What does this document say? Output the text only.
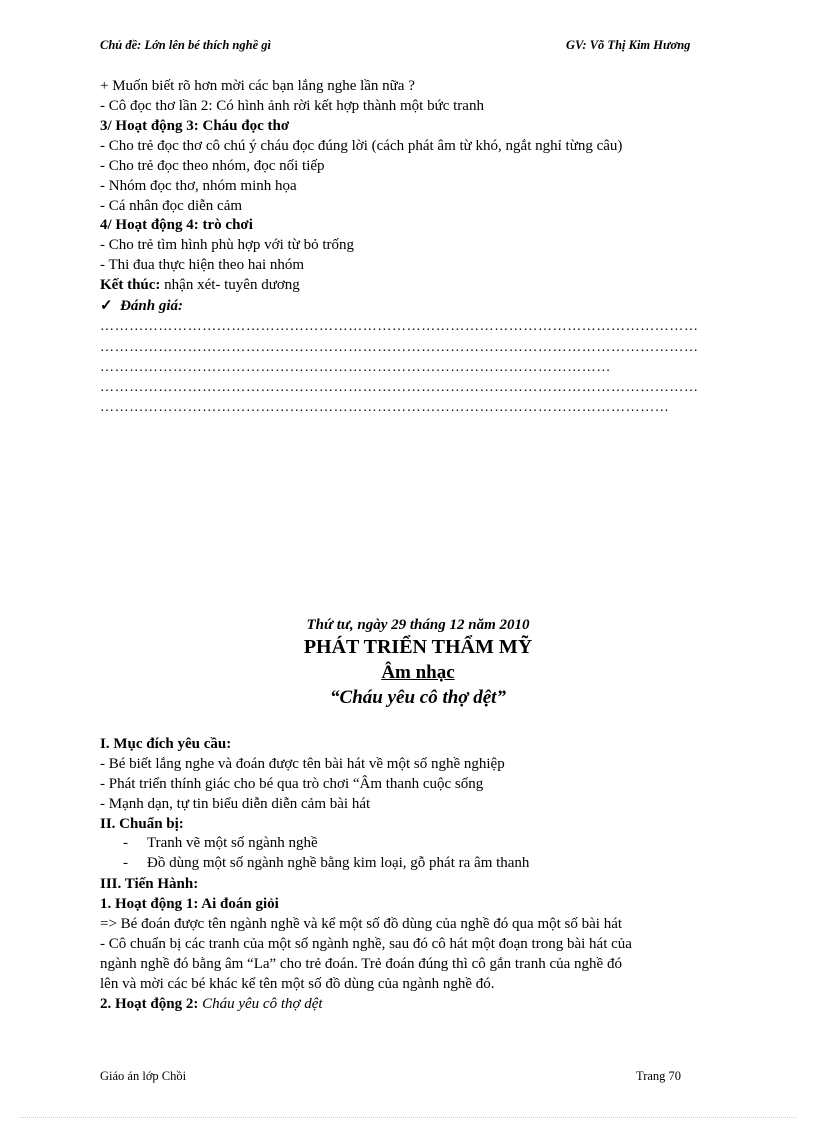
Chủ đề: Lớn lên bé thích nghề gì	GV: Võ Thị Kim Hương
+ Muốn biết rõ hơn mời các bạn lắng nghe lần nữa ?
- Cô đọc thơ lần 2: Có hình ảnh rời kết hợp thành một bức tranh
3/ Hoạt động 3: Cháu đọc thơ
- Cho trẻ đọc thơ cô chú ý cháu đọc đúng lời (cách phát âm từ khó, ngắt nghỉ từng câu)
- Cho trẻ đọc theo nhóm, đọc nối tiếp
- Nhóm đọc thơ, nhóm minh họa
- Cá nhân đọc diễn cảm
4/ Hoạt động 4: trò chơi
- Cho trẻ tìm hình phù hợp với từ bỏ trống
- Thi đua thực hiện theo hai nhóm
Kết thúc: nhận xét- tuyên dương
✓ Đánh giá:
……………………………………………………………………………………………………………
……………………………………………………………………………………………………………
……………………………………………………………………………………………
……………………………………………………………………………………………………………
………………………………………………………………………………………………………
Thứ tư, ngày 29 tháng 12 năm 2010
PHÁT TRIỂN THẨM MỸ
Âm nhạc
“Cháu yêu cô thợ dệt”
I. Mục đích yêu cầu:
- Bé biết lắng nghe và đoán được tên bài hát về một số nghề nghiệp
- Phát triển thính giác cho bé qua trò chơi “Âm thanh cuộc sống
- Mạnh dạn, tự tin biểu diễn diễn cảm bài hát
II. Chuẩn bị:
- Tranh vẽ một số ngành nghề
- Đồ dùng một số ngành nghề bằng kim loại, gỗ phát ra âm thanh
III. Tiến Hành:
1. Hoạt động 1: Ai đoán giỏi
=> Bé đoán được tên ngành nghề và kể một số đồ dùng của nghề đó qua một số bài hát
- Cô chuẩn bị các tranh của một số ngành nghề, sau đó cô hát một đoạn trong bài hát của
ngành nghề đó bằng âm “La” cho trẻ đoán. Trẻ đoán đúng thì cô gắn tranh của nghề đó
lên và mời các bé khác kể tên một số đồ dùng của ngành nghề đó.
2. Hoạt động 2: Cháu yêu cô thợ dệt
Giáo án lớp Chồi	Trang 70
